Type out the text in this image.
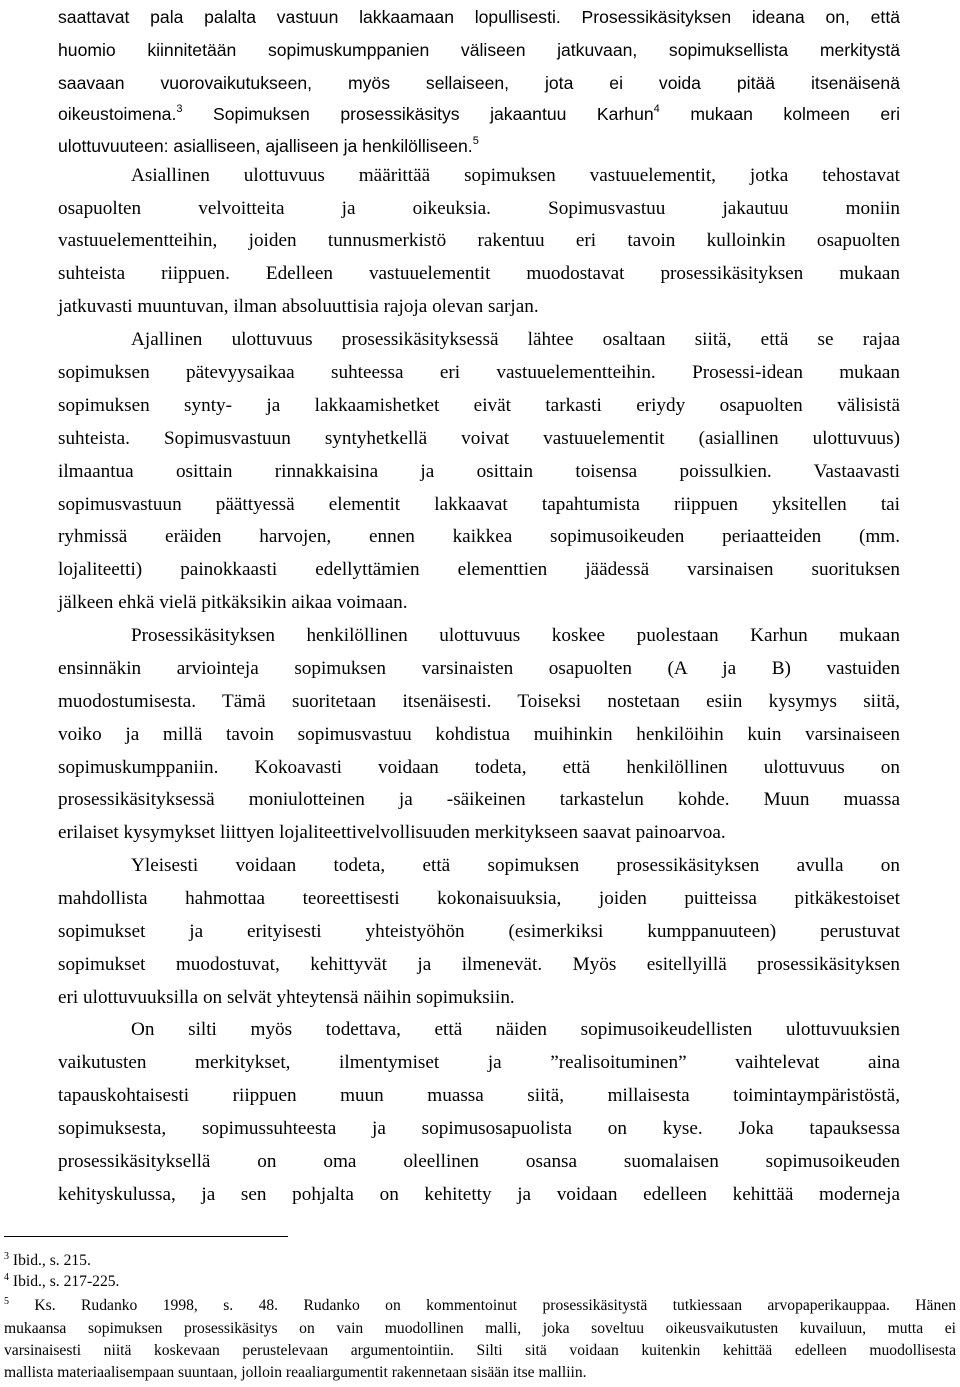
saattavat pala palalta vastuun lakkaamaan lopullisesti. Prosessikäsityksen ideana on, että
huomio kiinnitetään sopimuskumppanien väliseen jatkuvaan, sopimuksellista merkitystä
saavaan vuorovaikutukseen, myös sellaiseen, jota ei voida pitää itsenäisenä
oikeustoimena.$^3$ Sopimuksen prosessikäsitys jakaantuu Karhun$^4$ mukaan kolmeen eri
ulottuvuuteen: asialliseen, ajalliseen ja henkilölliseen.$^5$
Asiallinen ulottuvuus määrittää sopimuksen vastuuelementit, jotka tehostavat
osapuolten velvoitteita ja oikeuksia. Sopimusvastuu jakautuu moniin
vastuuelementteihin, joiden tunnusmerkistö rakentuu eri tavoin kulloinkin osapuolten
suhteista riippuen. Edelleen vastuuelementit muodostavat prosessikäsityksen mukaan
jatkuvasti muuntuvan, ilman absoluuttisia rajoja olevan sarjan.
Ajallinen ulottuvuus prosessikäsityksessä lähtee osaltaan siitä, että se rajaa
sopimuksen pätevyysaikaa suhteessa eri vastuuelementteihin. Prosessi-idean mukaan
sopimuksen synty- ja lakkaamishetket eivät tarkasti eriydy osapuolten välisistä
suhteista. Sopimusvastuun syntyhetkellä voivat vastuuelementit (asiallinen ulottuvuus)
ilmaantua osittain rinnakkaisina ja osittain toisensa poissulkien. Vastaavasti
sopimusvastuun päättyessä elementit lakkaavat tapahtumista riippuen yksitellen tai
ryhmissä eräiden harvojen, ennen kaikkea sopimusoikeuden periaatteiden (mm.
lojaliteetti) painokkaasti edellyttämien elementtien jäädessä varsinaisen suorituksen
jälkeen ehkä vielä pitkäksikin aikaa voimaan.
Prosessikäsityksen henkilöllinen ulottuvuus koskee puolestaan Karhun mukaan
ensinnäkin arviointeja sopimuksen varsinaisten osapuolten (A ja B) vastuiden
muodostumisesta. Tämä suoritetaan itsenäisesti. Toiseksi nostetaan esiin kysymys siitä,
voiko ja millä tavoin sopimusvastuu kohdistua muihinkin henkilöihin kuin varsinaiseen
sopimuskumppaniin. Kokoavasti voidaan todeta, että henkilöllinen ulottuvuus on
prosessikäsityksessä moniulotteinen ja -säikeinen tarkastelun kohde. Muun muassa
erilaiset kysymykset liittyen lojaliteettivelvollisuuden merkitykseen saavat painoarvoa.
Yleisesti voidaan todeta, että sopimuksen prosessikäsityksen avulla on
mahdollista hahmottaa teoreettisesti kokonaisuuksia, joiden puitteissa pitkäkestoiset
sopimukset ja erityisesti yhteistyöhön (esimerkiksi kumppanuuteen) perustuvat
sopimukset muodostuvat, kehittyvät ja ilmenevät. Myös esitellyillä prosessikäsityksen
eri ulottuvuuksilla on selvät yhteytensä näihin sopimuksiin.
On silti myös todettava, että näiden sopimusoikeudellisten ulottuvuuksien
vaikutusten merkitykset, ilmentymiset ja ”realisoituminen” vaihtelevat aina
tapauskohtaisesti riippuen muun muassa siitä, millaisesta toimintaympäristöstä,
sopimuksesta, sopimussuhteesta ja sopimusosapuolista on kyse. Joka tapauksessa
prosessikäsityksellä on oma oleellinen osansa suomalaisen sopimusoikeuden
kehityskulussa, ja sen pohjalta on kehitetty ja voidaan edelleen kehittää moderneja
$^3$ Ibid., s. 215.
$^4$ Ibid., s. 217-225.
$^5$ Ks. Rudanko 1998, s. 48. Rudanko on kommentoinut prosessikäsitystä tutkiessaan arvopaperikauppaa. Hänen
mukaansa sopimuksen prosessikäsitys on vain muodollinen malli, joka soveltuu oikeusvaikutusten kuvailuun, mutta ei
varsinaisesti niitä koskevaan perustelevaan argumentointiin. Silti sitä voidaan kuitenkin kehittää edelleen muodollisesta
mallista materiaalisempaan suuntaan, jolloin reaaliargumentit rakennetaan sisään itse malliin.
